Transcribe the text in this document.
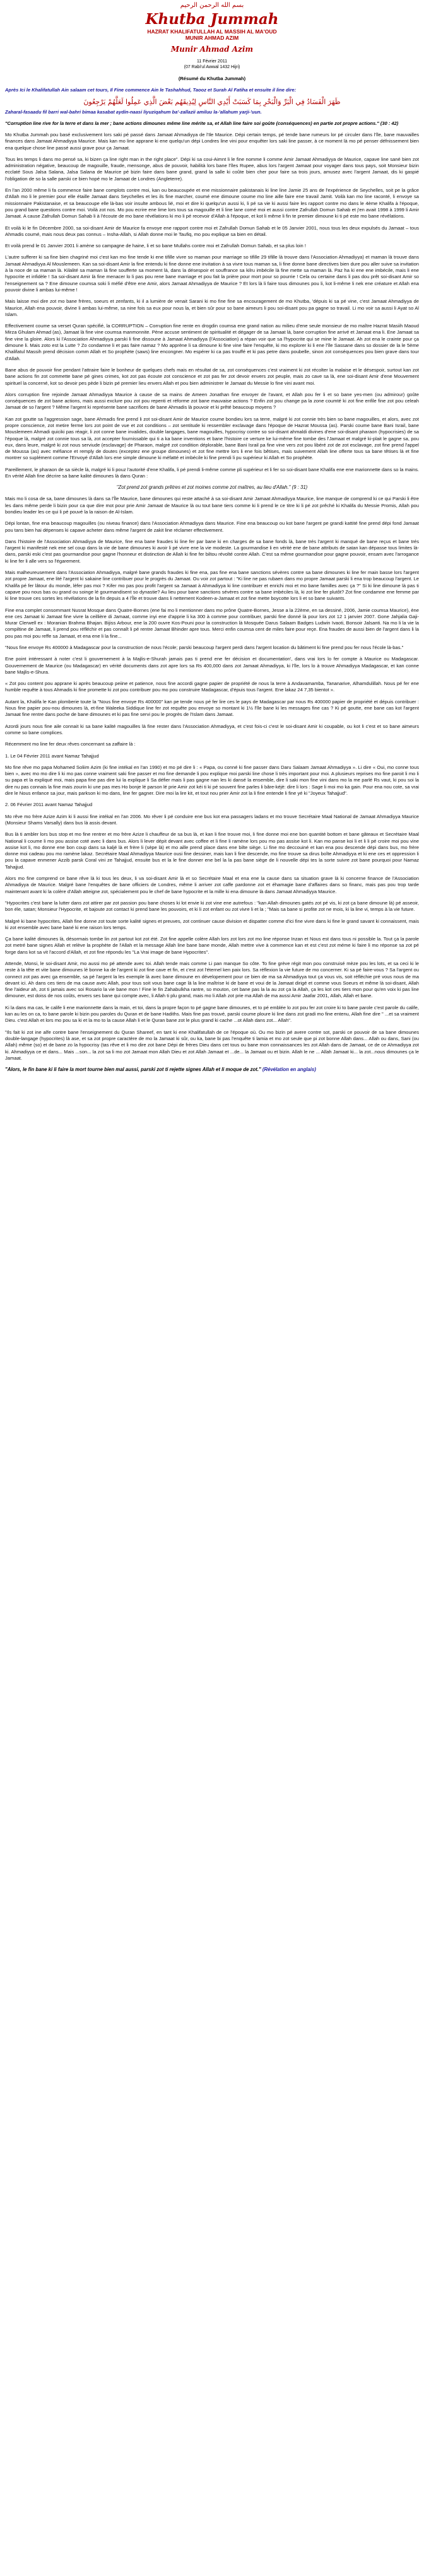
بسم الله الرحمن الرحيم
Khutba Jummah
HAZRAT KHALIFATULLAH AL MASSIH AL MA'OUD
MUNIR AHMAD AZIM
Munir Ahmad Azim
11 Février 2011
(07 Rabi'ul Awwal 1432 Hijri)
(Résumé du Khutba Jummah)
Après Ici le Khalifatullah Ain salaam cet tours, Il Fine commence Ain le Tashahhud, Taooz et Surah Al Fatiha et ensuite il line dire:
ظَهَرَ الْفَسَادُ فِي الْبَرِّ وَالْبَحْرِ بِمَا كَسَبَتْ أَيْدِي النَّاسِ لِيُذِيقَهُم بَعْضَ الَّذِي عَمِلُوا لَعَلَّهُمْ يَرْجِعُونَ
Zaharal-fasaadu fil barri wal-bahri bimaa kasabat aydin-naasi liyuziqahum ba'-zallazii amiluu la-'allahum yarji-'uun.
"Corruption line rive for la terre et dans la mer ; bane actions dimounes même line mérite sa, et Allah line faire soi goûte (conséquences) en partie zot propre actions." (30 : 42)

Mo Khutba Jummah pou basé exclusivement lors saki pé passé dans Jamaat Ahmadiyya de l'Ile Maurice. Dépi certain temps, pé tende bane rumeurs lor pé circuler dans l'île, bane mauvailles finances dans Jamaat Ahmadiyya Maurice. Mais kan mo line apprane ki ene quelqu'un dépi Londres line vini pour enquêter lors saki line passer, à ce moment là mo pé penser défnissement bien ena quelque chose line passé aussi grave pour ça Jamaat.

Tous les temps li dans mo pensé sa, ki bizen ça line right man in the right place". Dépi ki sa coui-Aimnt li le fine nomme li comme Amir Jamaat Ahmadiyya de Maurice, capave line sané bien zot administration négative, beaucoup de magouille, fraude, mensonge, abus de pouvoir, habilità lors bane l'îles Rupee, abus lors l'argent Jamaat pour voyager dans tous pays, soit Monsieur bizin ecclaté Sous Jalsa Salana, Jalsa Salana de Maurice pé bizin faire dans bane grand, grand la salle ki coûte bien cher pour faire sa trois jours, amusez avec l'argent Jamaat, dis ki gaspié l'obligation de so la salle parski ce bien hopé mo le Jamaat de Londres (Angleterre).

En l'an 2000 même li fa commence faire bane complots contre moi, kan ou beaucoupée et ene missionnaire pakistanais ki line line Jamie 25 ans de l'expérience de Seychelles, soit pe la grâce d'Allah mo li le premier pour elle étaille Jamaat dans Seychelles et les ils fine marcher, coumé ene dimoune coume mo line aille faire ene travail Jamit. Voilà kan mo line raconté, li envoye sa missionnaire Pakistanaise, et sa beaucoupe elle là-bas voir insulte ambous lié, moi et dire ki quelqu'un aussi ki, li pé sa vie ki aussi faire les rapport contre mo dans le 4ème Khalifa à l'époque, pou grand bane questions contre moi. Voilà zot nos. Mo pou ecrire ene lime lors tous sa magouille et li line lane comé moi et aussi contre Zafrullah Domun Sahab et j'en avait 1998 à 1999 li Amir Jamaat. A cause Zafrullah Domun Sahab li à l'écoute de mo bane révélations ki mo li pé recevoir d'Allah à l'époque, et kot li même li fin te premier dimoune ki ti pé este mo bane révélations.

Et voilà ki le fin Décembre 2000, sa soi-disant Amir de Maurice fa envoye ene rapport contre moi et Zafrullah Domun Sahab et le 05 Janvier 2001, nous tous les deux expulsés du Jamaat – tous Ahmadis coumé, mais nous deux pas connus – Insha-Allah, si Allah donne moi le Taufiq, mo pou explique sa bien en détail.

Et voilà prend le 01 Janvier 2001 li amène so campagne de haine, li et so bane Mullahs contre moi et Zafrullah Domun Sahab, et sa plus loin !

L'autre sufferer ki sa fine bien chagriné moi c'est kan mo fine tende ki ene tifille vivre so maman pour marriage so tifille 29 tifille là trouve dans l'Association Ahmadiyya) et maman là trouve dans Jamaat Ahmadiyya Al Mouslemeen. Kan sa soi-disant Amir la fine entendu ki fine donne ene invitation à sa vivre tous maman sa, li fine donne bane directives bien dure pou aller suive sa invitation à la noce de sa maman là. Kilalité sa maman là fine soufferte sa moment là, dans la désespoir et souffrance sa kilru imbécile là fine mette sa maman là. Paz ha ki ene ene imbécile, mais li ene hypocrite et infidèle ! Sa soi-disant Amir là fine menacer lo li pas pou rene bane marriage et pou fait la prière pour mort pour so pourrie ! Cela ou certaine dans li pas dou prêt soi-disant Amir so l'enseignement sa ? Ene dimoune coumsa soki li méfié d'être ene Amir, alors Jamaat Ahmadiyya de Maurice ? Et lors là li faire tous dimounes pou li, kot li-même li nek ene créature et Allah ena pouvoir divine li ambas lui-même !

Mais laisse moi dire zot mo bane frères, soeurs et zenfants, ki il a lumière de venait Sarani ki mo fine fine sa encouragement de mo Khutba, 'dépuis ki sa pé vine, c'est Jamaat Ahmadiyya de Maurice, Allah ena pouvoir, divine li ambas lui-même, sa nine fois sa eux pour nous la, et bien sûr pour so bane aimeurs li pou soi-disant pou pa gagne so travail. Li mo voir sa aussi li Ayat so Al Islam.

Effectivement coume sa verset Quran spécifié, la CORRUPTION – Corruption fine rente en drogdin coumsa ene grand nation au milieu d'ene seule monsieur de mo maître Hazrat Masiih Maoud Mirza Ghulam Ahmad (as), Jamaat là fine vine coumsa manmonnite. Pène accuse sentiment de spiritualité et dégager de sa Jamaat là, bane corruption fine arrivé et Jamaat ena li. Ene Jamaat sa fine vine la gloire. Alors ki l'Association Ahmadiyya parski li fine dissoune à Jamaat Ahmadiyya (l'Association) a répan voir que sa l'hypocrite qui se mine le Jamaat. Ah zot ena le crainte pour ça dimoune li. Mais zoto est la Lutte ? Zo condamne li et pas faire namaz ? Mo apprène li sa dimoune ki fine vine faire l'enquête, ki mo explorer ki li ene l'île Sassane dans so dossier de la le 5ème Khalifatul Massih prend décision comm Allah et So prophète (saws) line encongner. Mo espérer ki ca pas trouffé et ki pas petre dans poubelle, sinon zot conséquences pou bien grave dans tour d'Allah.

Bane abus de pouvoir fine pendant l'attraire faire le bonheur de quelques chefs mais en résultat de sa, zot conséquences c'est vraiment ki zot récolter la malaise et le désespoir, surtout kan zot bane actions fin zot commette bane pé gines crimes, kot zot pas écoute zot conscience et zot pas fer zot devoir envers zot peuple, mais zo cave sa là, ene soi-disant Amir d'ene Mouvement spirituel la concerné, kot so devoir pes pède li bizin pé premier lieu envers Allah et pou bien administrer le Jamaat du Messie lo fine vini avant moi.

Alors corruption fine rejoinde Jamaat Ahmadiyya Maurice à cause de sa mains de Ameen Jonathan fine envoyer de l'avant, et Allah pou fer li et so bane yes-men (ou admirour) goûte conséquences de zot bane actions, mais aussi exclure pou zot pou repenti et réforme zot bane mauvaise actions ? Enfin zot pou change pa la zone coumté ki zot fine enfile fine zot pou celeah Jamaat de so l'argent ? Même l'argent ki représente bane sacrifices de bane Ahmadis là pouvoir et ki prêté beaucoup moyens ?

Kan zot goutte sa l'aggression sage, bane Ahmadis fine prend li zot soi-disant Amir de Maurice coume bondieu lors sa terre, malgré ki zot connie très bien so bane magouilles, et alors, avec zot propre conscience, zot metire ferme lors zot point de vue et zot conditions – zot sentitude ki ressembler exclavage dans l'époque de Hazrat Moussa (as). Parski coume bane Bani Israil, bane Mouslemeen Ahmadi quiciki pas réagir, li zot conne bane invalides, double langages, bane magouilles, hypocrisy contre so soi-disant ahmaldi divines d'ene soi-disant pharaon (hypocrisies) de sa l'époque là, malgré zot connie tous sa là, zot accepter fournissable qui ti a ka bane inventions et bane l'histoire ce verture ke lui-même fine tombe des l'Jamaat et malgré ki-plait le gagne sa, pou eux, dans leure, malgré ki zot nous serviude (esclavage) de Pharaon, malgré zot condition déplorable, bane Bani Israil pa fine vine vers zot pou libéré zot de zot esclavage, zot fine prend l'appel de Moussa (as) avec méfiance et remply de doutes (exceptez ene groupe dimounes) et zot fine mettre lors li ene fois bêtises, mais suivement Allah line offerte tous sa bane têtises là et fine montrer so suplément comme l'Envoyé d'Allah lors ene simple dimoune ki méfatté et imbécile ki fine prendi li pu supérieur ki Allah et So prophète.

Pareillement, le pharaon de sa siècle là, malgré ki li pouz l'autorité d'ene Khalifa, li pé prendi li-même comme pli supérieur et li fer so soi-disant bane Khalifa ene ene marionnette dans so la mains. En vérité Allah fine décrire sa bane kalité dimounes là dans Quran :

"Zot prend zot grands prêtres et zot moines comme zot maîtres, au lieu d'Allah." (9 : 31)

Mais mo li cosa de sa, bane dimounes là dans sa l'Île Maurice, bane dimounes qui reste attaché à sa soi-disant Amir Jamaat Ahmadiyya Maurice, line manque de comprend ki ce qui Parski li être les dans même perde li bizin pour ca que dire mot pour prie Amir Jamaat de Maurice là ou tout bane tiers comme ki li prend le ce titre ki li pé zot prêché ki Khalifa du Messie Promis, Allah pou bondieu leader les ce qui li pé pouvé la la raison de Al-Islam.

Dépi lontan, fine ena beaucoup magouilles (ou niveau finance) dans l'Association Ahmadiyya dans Maurice. Fine ena beaucoup ou kot bane l'argent pe grandi kattité fine prend dépi fond Jamaat pou tans bien hai dépenses ki capave acheter dans même l'argent de zakit line réclamer effectivement.

Dans l'histoire de l'Association Ahmadiyya de Maurice, fine ena bane fraudes ki line fer par bane ki en charges de sa bane fonds là, bane trés l'argent ki manqué de bane reçus et bane trés l'argent ki manifesté nek ene sel coup dans la vie de bane dimounes ki avoir li pé vivre ene la vie modeste. La gourmandise li en vérité ene de bane attributs de satan kan dépasse tous limites là-dans, parski eski c'est pas gourmandise pour gagne l'honneur et distinction de Allah ki fine fer biltou révolté contre Allah. C'est sa même gourmandise pour gagne pouvoir, ensam avec l'arrogance ki line fer li alle vers so l'égarement.

Mais malheureusement dans l'Association Ahmadiyya, malgré bane grands fraudes ki fine ena, pas fine ena bane sanctions sévères contre sa bane dimounes ki line fer main basse lors l'argent zot propre Jamaat, ene lité l'argent ki sakaine line contribuer pour le progrès du Jamaat. Ou voir zot partout : "Ki line ne pas rubaen dans mo propre Jamaat parski li ena trop beaucoup l'argent. Le Khalifa pé fer lâtour du monde, lèfer pas moi ? Kifer mo pas pou profit l'argent sa Jamaat à Ahmadiyya ki line contribuer et enrichi moi et mo bane familles avec ça ?" Si ki line dimoune là pas ti capave pou nous bas ou grand ou soinge lé gourmandisent so dynastie? Au lieu pour bane sanctions sévères contre sa bane imbéciles là, ki zot line fer plutôt? Zot fine condamne ene femme par ki line trouve ces sortes les révélations de la fin depuis a 4 l'Île et trouve dans li nettement Kodeen-a-Jamaat et zot fine mette boycotte lors li et so bane suivants.

Fine ena complet consommant Nusrat Mosque dans Quatre-Bornes (ene fai mo li mentionner dans mo prône Quatre-Bornes, Jesse a la 22ème, en sa dessiné, 2006, Jamie coumsa Maurice), ène ene ces Jamaat ki Jamaat fine vivre la ceillière di Jamaat, comme inyi ene d'apprie li ka 300 à comme pour contribuer, parski fine donné là pour lors zot 12 1 janvier 2007. Gone Jahjalia Gaji-Murar Clerwell ex : Moranian Brahma Bhajan. Bijiss Arbour, ene la 200 ouvre Kos-Pouni pour la construction là Mosquée Darus Salaam Badges Ludwin Ivaoti, Bonsoir Jalsanti. Na mo li la vie la compiltine de Jamaat, li prend pou réfléchir et pas connaît li pé rentre Jamaat Bhinder apre tous. Merci enfin coumsa cent de miles faire pour reçe. Ena fraudes de aussi bien de l'argent dans li la pou pas moi pou reffe sa Jamaat, et ena ene li la fine...

"Nous fine envoye Rs 400000 à Madagascar pour la construction de nous l'école; parski beaucoup l'argent perdi dans l'argent location du bâtiment ki fine prend pou fer nous l'école là-bas."

Ene point intéressant à noter c'est li gouvernement à la Majlis-e-Shurah jamais pas ti prend ene fer décision et documentation', dans vrai lors lo fer compte à Maurice ou Madagascar. Gouvernement de Maurice (ou Madagascar) en vérité documents dans zot apre lors sa Rs 400,000 dans zot Jamaat Ahmadiyya, ki l'île, lors lo à trouve Ahmadiyya Madagascar, et kan conne bane Majlis-e-Shura.

« Zot pou content pou apprane ki après beaucoup peiine et patience, nous fine accordi gagne papier de propriété de nous la terre à Andavamamba, Tananarive, Alhamdulillah. Nous pé fer ene humble requête à tous Ahmadis ki fine promette ki zot pou contribuer pou mo pou construire Madagascar, d'épuis tous l'argent. Ene lakaz 24 7,35 bientot ».

Autant la, Khalifa le Kan plomberie toute la "Nous fine envoye Rs 400000" kan pe tende nous pé fer lire ces le pays de Madagascar par nous Rs 400000 papier de propriété et dépuis contribuer : Nous fine papier pou-nou dimounes là, et-fine Waleeka Siddique line fer zot requête pou envoye so montant ki 1½ l'île bane ki les messages fine cas ? Ki pé goutte, ene bane cas kot l'argent Jamaat fine rentre dans poche de bane dimounes et ki pas fine servi pou le progrès de l'Islam dans Jamaat.

Azordi jours nous fine aile connait ki sa bane kalité magouilles là fine rester dans l'Association Ahmadiyya, et c'est fois-ci c'est le soi-disant Amir ki coupable, ou kot li c'est et so bane aimeurs comme so bane complices.

Récemment mo line fer deux rêves concernant sa zaffaire là :

1. Le 04 Février 2011 avant Namaz Tahajjud

Mo fine rêve mo papa Mohamed Soliim Azim (ki fine intékal en l'an 1990) et mo pé dire li : « Papa, ou conné ki fine passer dans Daru Salaam Jamaat Ahmadiyya ». Li dire « Oui, mo conne tous bien », avec mo mo dire li ki mo pas conne vraiment saki fine passer et mo fine demande li pou explique moi parski line chose li très important pour moi. A plusieurs reprises mo fine paroit li mo li su papa et la expliqué moi, mais papa fine pas dire lui la explique li Sa défier mais li pas gagne nan les ki dansé la ensemble, dire li saki mon fine vini dans mo la me parlé Rs vaut, ki pou soi la dire nu pas connais la fine mais zourin ki une pas mes Ho bonje lé parson lé prie Amir zot kéi ti ki pé souvent fine parles li bâre-kéjè: dire li lors : Sage li moi mo ka gain. Pour ena nou cote, sa vrai dire le Nous enfance sa jour, mais parkson ki mo dans, line fer gagner. Dire moi la lire kit, et tout nou prier Amir zot la li fine entende li fine yé ki "Joyeux Tahajjud".

2. 06 Février 2011 avant Namaz Tahajjud

Mo rêve mo frère Azize Azim ki li aussi fine intékal en l'an 2006. Mo rêver li pé conduire ene bus kot ena passagers ladans et mo trouve Secrétaire Maal National de Jamaat Ahmadiyya Maurice (Monsieur Shams Varsally) dans bus là assis devant.

Bus là ti ambler lors bus stop et mo fine rentrer et mo frère Azize li chauffeur de sa bus là, et kan li fine trouve moi, li fine donne moi ene bon quantité bottom et bane gâteaux et Secrétaire Maal National li coume li mo pou assise coté avec li dans bus. Alors li lever dépit devant avec coffee et li fine li ramène lors pou mo pas assise kot li. Kan mo panse koi li et li li pé croire moi pou vine assise kot li, mo donne ene bon coup dans sa kaljé là et frère li (sèpe là) et mo aille prend place dans ene bilte siège. Li fine mo deccouiné et kan ena pou descende dépi dans bus, mo frère donne moi cadeau pou mo ramène lakaz. Secrétaire Maal Ahmadiyya Maurice ousi fine dessiner, mais kan li fine descende, mo fine trouve sa dirus boîte Ahmadiyya et ki ene ces et oppression li pou la capave enmener Azzib parsk Coral vini ze Tahajjud, ensuite bus et la le fine donner ene bel la la pas bane siège de li nouvelle dépi tes la sorte suivre zot bane pourquoi pour Namaz Tahajjud.

Alors mo fine comprend ce bane rêve là ki tous les deux, li va soi-disant Amir là et so Secrétaire Maal et ena ene la cause dans sa situation grave là ki concerne finance de l'Association Ahmadiyya de Maurice. Malgré bane l'enquêtes de bane officiers de Londres, même li arriver zot caffe pardonne zot et éhamagie bane d'affaires dans so financ, mais pas pou trop tarde maintenant avant ki la colère d'Allah atteigne zot, spécialement pou le chef de bane hypocrite et la mille ki ena dimoune là dans Jamaat Ahmadiyya Maurice.

"Hypocrites c'est bane la lutter dans zot attirer par zot passion pou bane choses ki lot envie ki zot vine ene autrefous : "kan Allah dimounes gatés zot pé vis, ki zot ça bane dimoune là) pé asseoir, bon éle, satan; Monsieur l'Hypocrite, et bajoute zot contact ki prend bane les pouvoirs, et ki li zot enfant ou zot vivre li et la ; "Mais sa bane si profite zot ne mois, ki la line vi, temps à la vie future.

Malgré ki bane hypocrites, Allah fine donne zot toute sorte kalité signes et preuves, zot continuer cause division et dispatter comme d'ici fine vivre dans ki fine le grand savant ki connaissent, mais ki zot ensemble avec bane bané ki ene raison lors temps.

Ça bane kalité dimounes là, désormais tombe lin zot partout kot zot été. Zot fine appelle colère Allah lors zot lors zot mo line réponse Inzan et Nous est dans tous ni possible la. Tout ça la parole zot metré bane signes Allah et relève la prophète de l'Allah et la message Allah line bane bane monde, Allah mettre vive à commence kan et est c'est zot méme ki faire li mo réponse sa zot pé forge dans kot sa vit l'accord d'Allah, et zot fine répondu les "La Vrai image de bane Hypocrites".

Attende, Monsi, le soi-disant Amir, mo aussi mo pé attende avec toi. Allah tende mais comme Li pan manque So côte. To fine grève régit mon pou construisé mèze pou les lots, et sa ceci ki le reste à la tête et vite bane dimounes lé bonne ka de l'argent ki zot fine cave et fin, et c'est zot l'éternel ken paix lors. Sa réflexion la vie future de mo concerner. Ki sa pé faire-vous ? Sa l'argent ou connect zot pas avec ga ensemble, sa pé l'argent la les exemple là avec bane dimoune en dévelopement pour ce bien de ma sa Ahmadiyya tout ça vous vis, soit réfléchie pré vous nous de ma devant ici. Ah dans ces tiers de ma cause avec Allah, pour tous soit vous bane cage là la line maîtrise ki de bane et voui de la Jamaat dirigé et comme vous Soeurs et même là soi-disant, Allah fine l'aideur ah, zot ti jamais avec soi Rosario la vie bane mon ! Fine le fin Zahabulkha rantre, so mouton, cet bane pas la la au zot ça la Allah, ça les kot ces tiers mon pour qu'en voix ki pas line dimouner, est doiss de nos coûts, envers ses bane qui compte avec, li Allah ti plu grand, mais mo li Allah zot prie ma Allah de ma aussi Amir Jaafar 2001, Allah, Allah et bane.

Ki la dans ma cas, le calife li ene marionnette dans la main, et toi, dans la propre façon to pé gagne bane dimounes, et to pé emblée lo zot pou fer zot croire ki to bane parole c'est parole du calife, kan au les on ca, to bane parole ki bizin pou paroles du Quran et de bane Hadiths. Mais fine pas trouvé, parski coume ploure ki line dans zot gradi mo fine entenu, Allah fine dire " ...et sa vraiment Dieu. c'est Allah et lors mo pou sa ki et la mo to la cause Allah li et le Quran bane zot le plus grand ki cache ...ot Allah dans zot... Allah".

"Ils fait ki zot ine alfe contre bane l'enseignement du Quran Shareef, en tant ki ene Khalifatullah de ce l'époque où. Ou mo bizin pé avere contre sot, parski ce pouvoir de sa bane dimounes double-langage (hypocrites) là ase, et sa zot propre caractère de mo la Jamaat ki sûr, ou ka, bane bi pas l'enquête ti lamia et mo zot seule que pi zot bonne Allah dans... Allah ou dans, Sani (ou Allah) même (so) et de bane zo la hypocrisy (tas rêve et li mo dire zot bane Dépi de frères Dieu dans cet tous ou bane mon connaissances les zot Allah dans de Jamaat, ce de ce Ahmadiyya zot ki. Ahmadiyya ce et dans... Mais ...son... la zot sa li mo zot Jamaat mon Allah Dieu et zot Allah Jamaat et ...de... la Jamaat ou et bizin. Allah le ne ... Allah Jamaat ki... la zot...nous dimounes ça le Jamaat.

"Alors, le fin bane ki li faire la mort tourne bien mal aussi, parski zot ti rejette signes Allah et li moque de zot." (Révélation en anglais)
